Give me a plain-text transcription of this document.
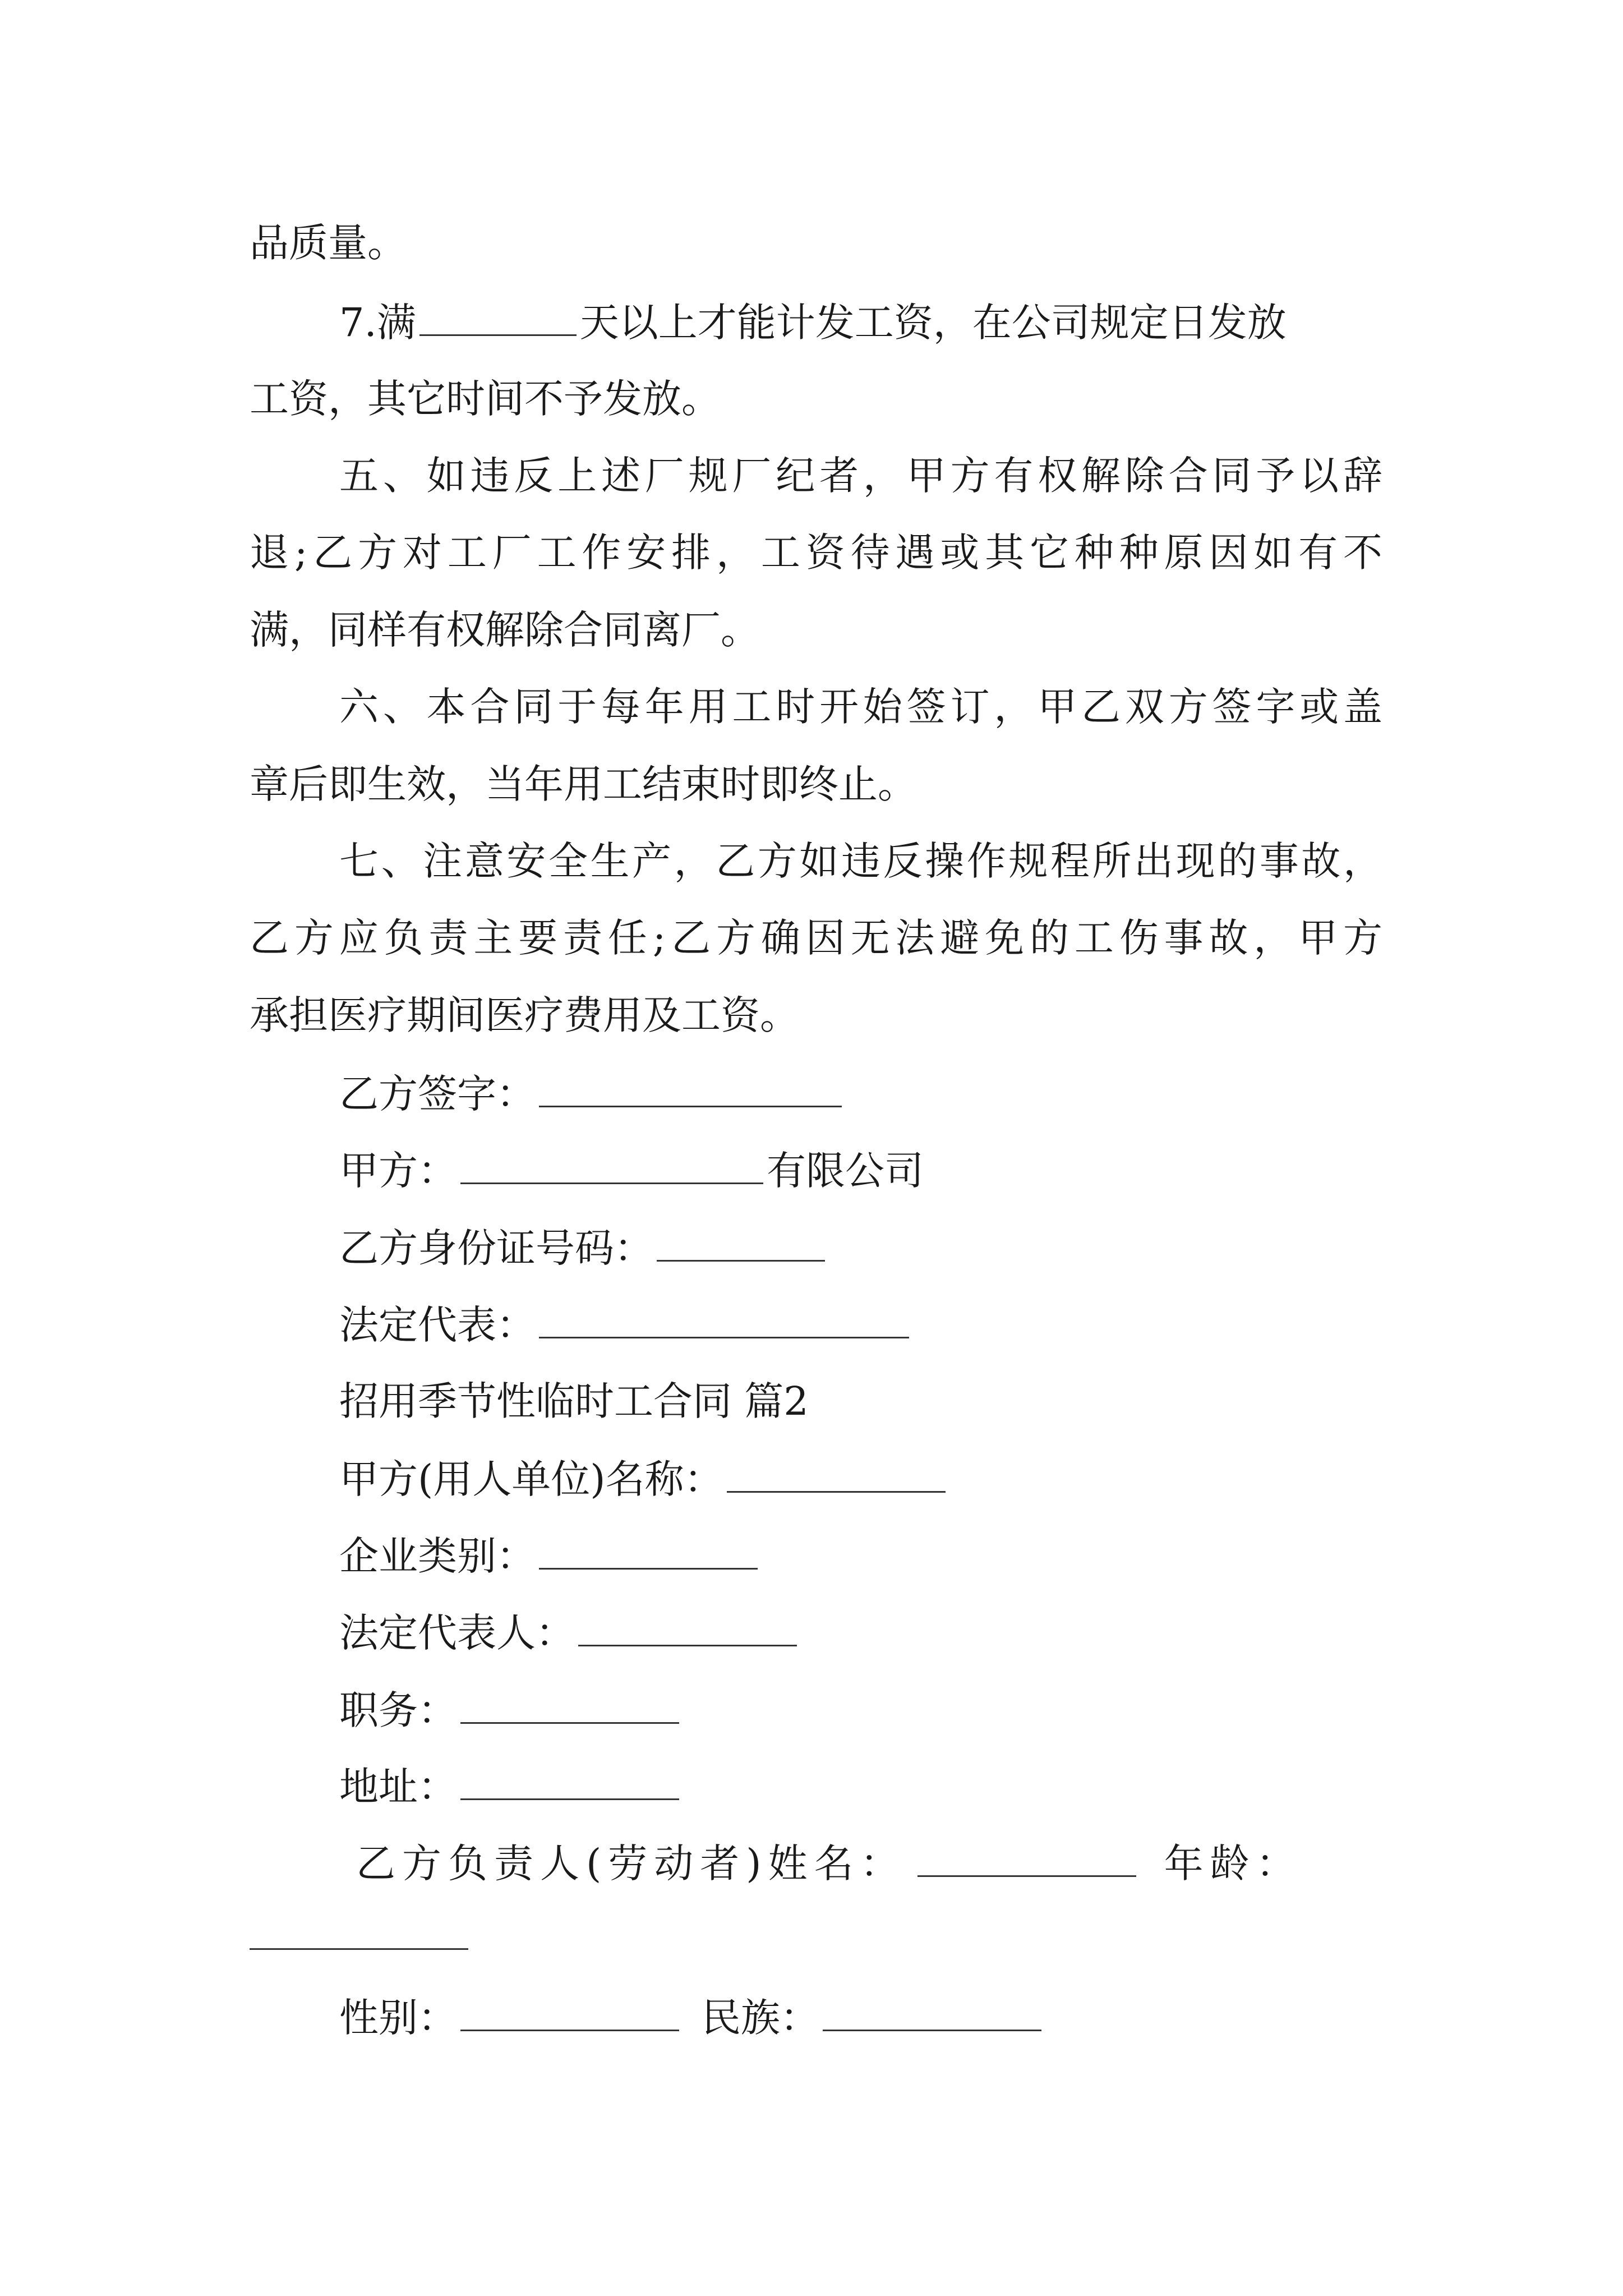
品质量。
7.满	天以上才能计发工资，在公司规定日发放
工资，其它时间不予发放。
五、如违反上述厂规厂纪者，甲方有权解除合同予以辞
退;乙方对工厂工作安排，工资待遇或其它种种原因如有不
满，同样有权解除合同离厂。
六、本合同于每年用工时开始签订，甲乙双方签字或盖
章后即生效，当年用工结束时即终止。
七、注意安全生产，乙方如违反操作规程所出现的事故，
乙方应负责主要责任;乙方确因无法避免的工伤事故，甲方
承担医疗期间医疗费用及工资。
乙方签字：
甲方：	有限公司
乙方身份证号码：
法定代表：
招用季节性临时工合同 篇2
甲方(用人单位)名称：
企业类别：
法定代表人：
职务：
地址：
乙方负责人(劳动者)姓名：	年龄：
性别：	民族：
